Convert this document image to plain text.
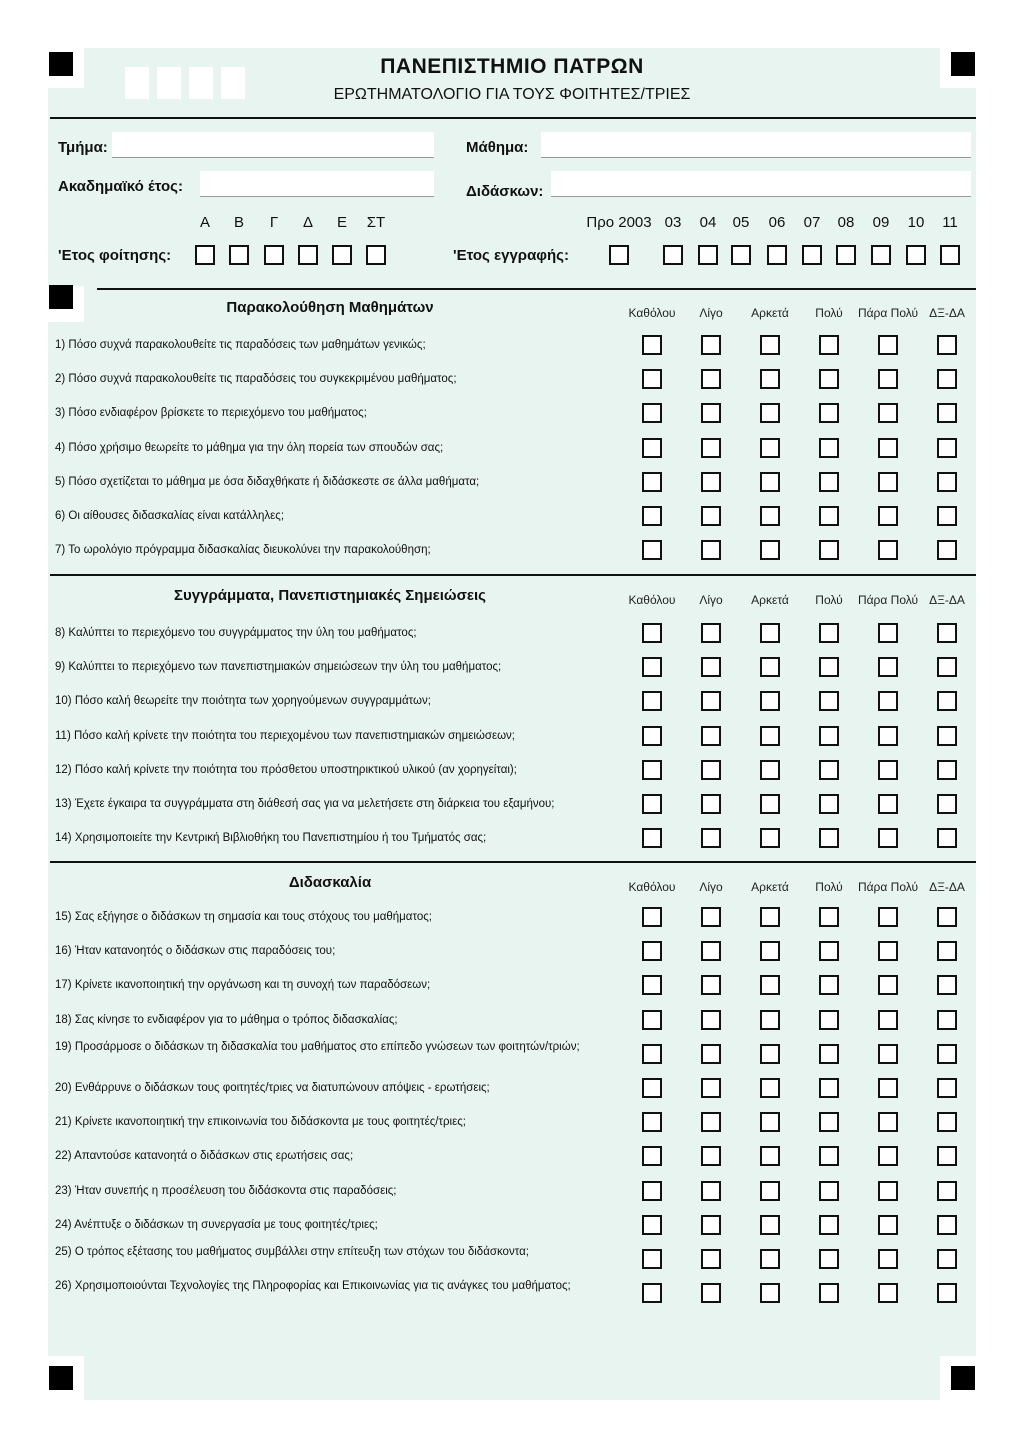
ΠΑΝΕΠΙΣΤΗΜΙΟ ΠΑΤΡΩΝ
ΕΡΩΤΗΜΑΤΟΛΟΓΙΟ ΓΙΑ ΤΟΥΣ ΦΟΙΤΗΤΕΣ/ΤΡΙΕΣ
Τμήμα:	Μάθημα:
Ακαδημαϊκό έτος:	Διδάσκων:
Α	Β	Γ	Δ	Ε	ΣΤ
'Ετος φοίτησης:
Προ 2003 03	04	05	06	07	08	09	10	11
'Ετος εγγραφής:
Παρακολούθηση Μαθημάτων	Καθόλου	Λίγο	Αρκετά	Πολύ	Πάρα Πολύ ΔΞ-ΔΑ
1) Πόσο συχνά παρακολουθείτε τις παραδόσεις των μαθημάτων γενικώς;
2) Πόσο συχνά παρακολουθείτε τις παραδόσεις του συγκεκριμένου μαθήματος;
3) Πόσο ενδιαφέρον βρίσκετε το περιεχόμενο του μαθήματος;
4) Πόσο χρήσιμο θεωρείτε το μάθημα για την όλη πορεία των σπουδών σας;
5) Πόσο σχετίζεται το μάθημα με όσα διδαχθήκατε ή διδάσκεστε σε άλλα μαθήματα;
6) Οι αίθουσες διδασκαλίας είναι κατάλληλες;
7) Το ωρολόγιο πρόγραμμα διδασκαλίας διευκολύνει την παρακολούθηση;
Συγγράμματα, Πανεπιστημιακές Σημειώσεις	Καθόλου	Λίγο	Αρκετά	Πολύ	Πάρα Πολύ ΔΞ-ΔΑ
8) Καλύπτει το περιεχόμενο του συγγράμματος την ύλη του μαθήματος;
9) Καλύπτει το περιεχόμενο των πανεπιστημιακών σημειώσεων την ύλη του μαθήματος;
10) Πόσο καλή θεωρείτε την ποιότητα των χορηγούμενων συγγραμμάτων;
11) Πόσο καλή κρίνετε την ποιότητα του περιεχομένου των πανεπιστημιακών σημειώσεων;
12) Πόσο καλή κρίνετε την ποιότητα του πρόσθετου υποστηρικτικού υλικού (αν χορηγείται);
13) Έχετε έγκαιρα τα συγγράμματα στη διάθεσή σας για να μελετήσετε στη διάρκεια του εξαμήνου;
14) Χρησιμοποιείτε την Κεντρική Βιβλιοθήκη του Πανεπιστημίου ή του Τμήματός σας;
Διδασκαλία	Καθόλου	Λίγο	Αρκετά	Πολύ	Πάρα Πολύ ΔΞ-ΔΑ
15) Σας εξήγησε ο διδάσκων τη σημασία και τους στόχους του μαθήματος;
16) Ήταν κατανοητός ο διδάσκων στις παραδόσεις του;
17) Κρίνετε ικανοποιητική την οργάνωση και τη συνοχή των παραδόσεων;
18) Σας κίνησε το ενδιαφέρον για το μάθημα ο τρόπος διδασκαλίας;
19) Προσάρμοσε ο διδάσκων τη διδασκαλία του μαθήματος στο επίπεδο γνώσεων των φοιτητών/τριών;
20) Ενθάρρυνε ο διδάσκων τους φοιτητές/τριες να διατυπώνουν απόψεις - ερωτήσεις;
21) Κρίνετε ικανοποιητική την επικοινωνία του διδάσκοντα με τους φοιτητές/τριες;
22) Απαντούσε κατανοητά ο διδάσκων στις ερωτήσεις σας;
23) Ήταν συνεπής η προσέλευση του διδάσκοντα στις παραδόσεις;
24) Ανέπτυξε ο διδάσκων τη συνεργασία με τους φοιτητές/τριες;
25) Ο τρόπος εξέτασης του μαθήματος συμβάλλει στην επίτευξη των στόχων του διδάσκοντα;
26) Χρησιμοποιούνται Τεχνολογίες της Πληροφορίας και Επικοινωνίας για τις ανάγκες του μαθήματος;
